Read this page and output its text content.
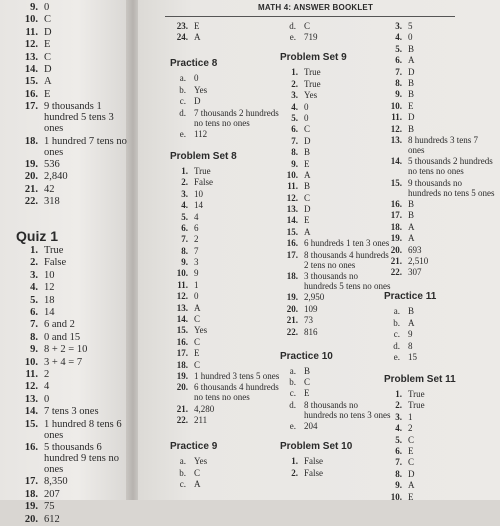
MATH 4: ANSWER BOOKLET
9. 0
10. C
11. D
12. E
13. C
14. D
15. A
16. E
17. 9 thousands 1 hundred 5 tens 3 ones
18. 1 hundred 7 tens no ones
19. 536
20. 2,840
21. 42
22. 318
Quiz 1
1. True
2. False
3. 10
4. 12
5. 18
6. 14
7. 6 and 2
8. 0 and 15
9. 8 + 2 = 10
10. 3 + 4 = 7
11. 2
12. 4
13. 0
14. 7 tens 3 ones
15. 1 hundred 8 tens 6 ones
16. 5 thousands 6 hundred 9 tens no ones
17. 8,350
18. 207
19. 75
20. 612
23. E
24. A
Practice 8
a. 0
b. Yes
c. D
d. 7 thousands 2 hundreds no tens no ones
e. 112
Problem Set 8
1. True
2. False
3. 10
4. 14
5. 4
6. 6
7. 2
8. 7
9. 3
10. 9
11. 1
12. 0
13. A
14. C
15. Yes
16. C
17. E
18. C
19. 1 hundred 3 tens 5 ones
20. 6 thousands 4 hundreds no tens no ones
21. 4,280
22. 211
Practice 9
a. Yes
b. C
c. A
d. C
e. 719
Problem Set 9
1. True
2. True
3. Yes
4. 0
5. 0
6. C
7. D
8. B
9. E
10. A
11. B
12. C
13. D
14. E
15. A
16. 6 hundreds 1 ten 3 ones
17. 8 thousands 4 hundreds 2 tens no ones
18. 3 thousands no hundreds 5 tens no ones
19. 2,950
20. 109
21. 73
22. 816
Practice 10
a. B
b. C
c. E
d. 8 thousands no hundreds no tens 3 ones
e. 204
Problem Set 10
1. False
2. False
3. 5
4. 0
5. B
6. A
7. D
8. B
9. B
10. E
11. D
12. B
13. 8 hundreds 3 tens 7 ones
14. 5 thousands 2 hundreds no tens no ones
15. 9 thousands no hundreds no tens 5 ones
16. B
17. B
18. A
19. A
20. 693
21. 2,510
22. 307
Practice 11
a. B
b. A
c. 9
d. 8
e. 15
Problem Set 11
1. True
2. True
3. 1
4. 2
5. C
6. E
7. C
8. D
9. A
10. E
